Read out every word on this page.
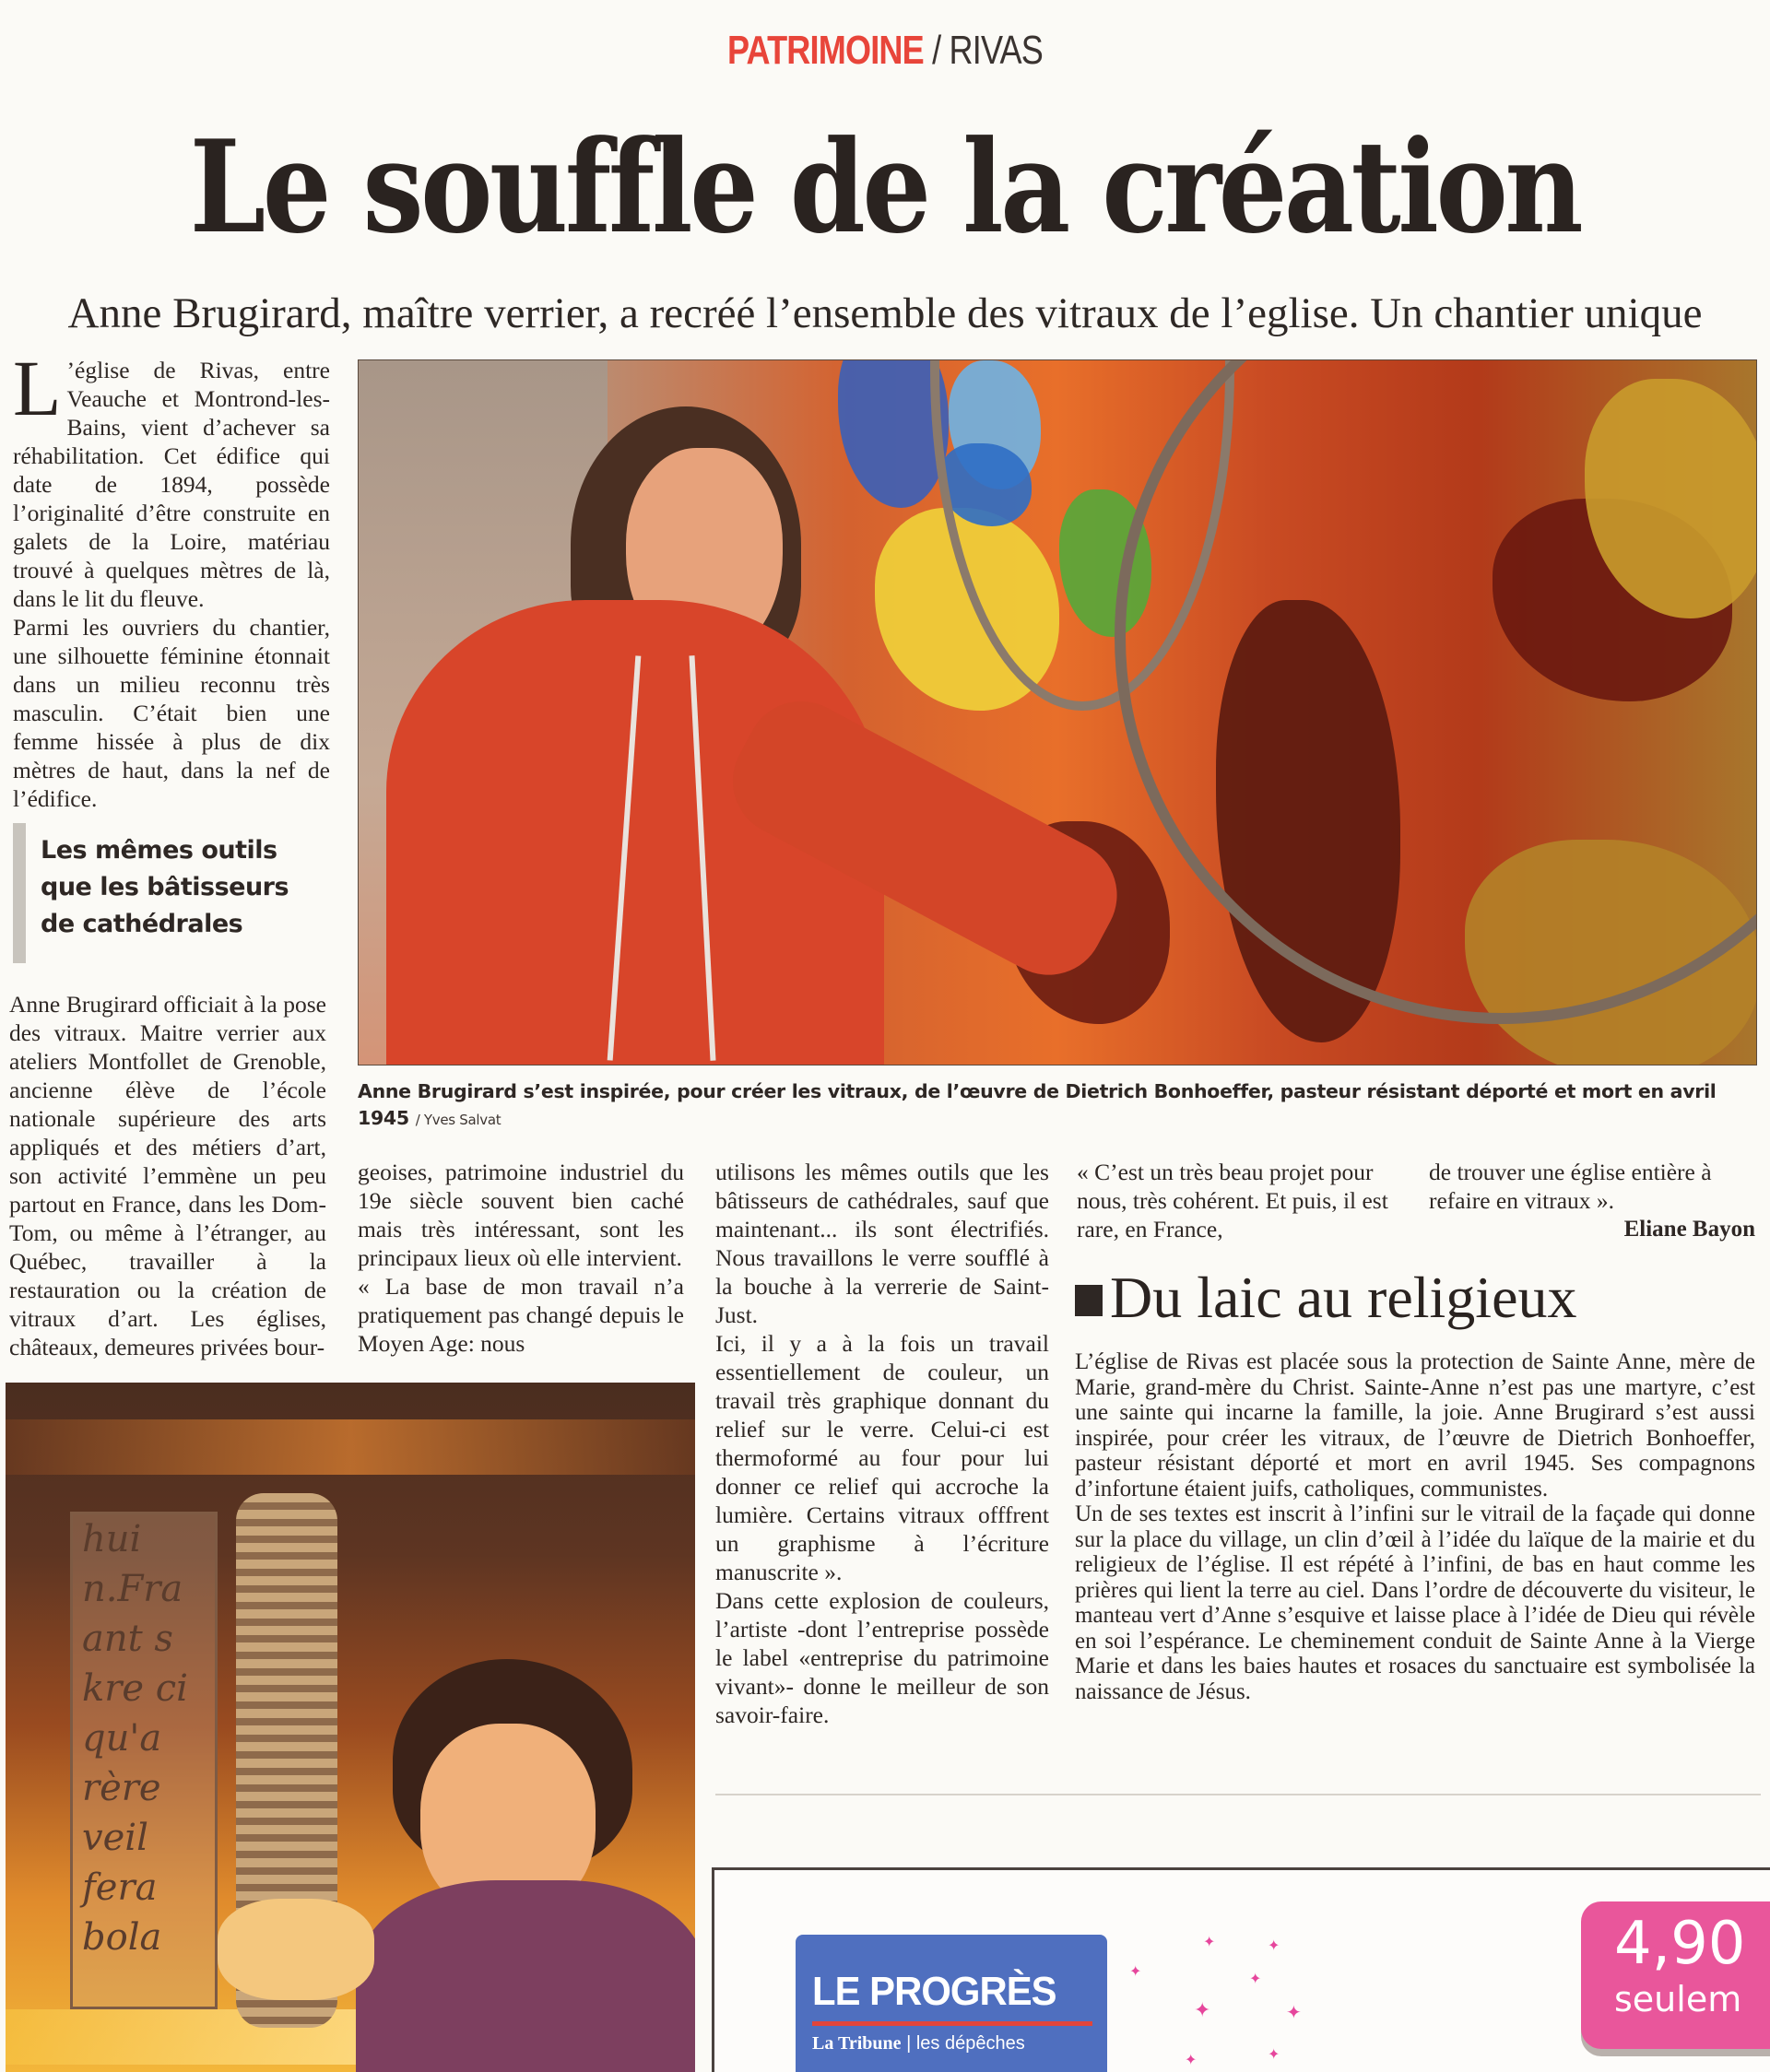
PATRIMOINE / RIVAS
Le souffle de la création
Anne Brugirard, maître verrier, a recréé l’ensemble des vitraux de l’eglise. Un chantier unique

L ’église de Rivas, entre Veauche et Montrond-les-Bains, vient d’achever sa réhabilitation. Cet édifice qui date de 1894, possède l’originalité d’être construite en galets de la Loire, matériau trouvé à quelques mètres de là, dans le lit du fleuve.

Parmi les ouvriers du chantier, une silhouette féminine étonnait dans un milieu reconnu très masculin. C’était bien une femme hissée à plus de dix mètres de haut, dans la nef de l’édifice.

Les mêmes outils
que les bâtisseurs
de cathédrales

Anne Brugirard officiait à la pose des vitraux. Maitre verrier aux ateliers Montfollet de Grenoble, ancienne élève de l’école nationale supérieure des arts appliqués et des métiers d’art, son activité l’emmène un peu partout en France, dans les Dom-Tom, ou même à l’étranger, au Québec, travailler à la restauration ou la création de vitraux d’art. Les églises, châteaux, demeures privées bour-

Anne Brugirard s’est inspirée, pour créer les vitraux, de l’œuvre de Dietrich Bonhoeffer, pasteur résistant déporté et mort en avril 1945 / Yves Salvat

geoises, patrimoine industriel du 19e siècle souvent bien caché mais très intéressant, sont les principaux lieux où elle intervient.

« La base de mon travail n’a pratiquement pas changé depuis le Moyen Age: nous

utilisons les mêmes outils que les bâtisseurs de cathédrales, sauf que maintenant... ils sont électrifiés. Nous travaillons le verre soufflé à la bouche à la verrerie de Saint-Just.

Ici, il y a à la fois un travail essentiellement de couleur, un travail très graphique donnant du relief sur le verre. Celui-ci est thermoformé au four pour lui donner ce relief qui accroche la lumière. Certains vitraux offfrent un graphisme à l’écriture manuscrite ».

Dans cette explosion de couleurs, l’artiste -dont l’entreprise possède le label «entreprise du patrimoine vivant»- donne le meilleur de son savoir-faire.

« C’est un très beau projet pour nous, très cohérent. Et puis, il est rare, en France,

de trouver une église entière à refaire en vitraux ».

Eliane Bayon

Du laic au religieux

L’église de Rivas est placée sous la protection de Sainte Anne, mère de Marie, grand-mère du Christ. Sainte-Anne n’est pas une martyre, c’est une sainte qui incarne la famille, la joie. Anne Brugirard s’est aussi inspirée, pour créer les vitraux, de l’œuvre de Dietrich Bonhoeffer, pasteur résistant déporté et mort en avril 1945. Ses compagnons d’infortune étaient juifs, catholiques, communistes.

Un de ses textes est inscrit à l’infini sur le vitrail de la façade qui donne sur la place du village, un clin d’œil à l’idée du laïque de la mairie et du religieux de l’église. Il est répété à l’infini, de bas en haut comme les prières qui lient la terre au ciel. Dans l’ordre de découverte du visiteur, le manteau vert d’Anne s’esquive et laisse place à l’idée de Dieu qui révèle en soi l’espérance. Le cheminement conduit de Sainte Anne à la Vierge Marie et dans les baies hautes et rosaces du sanctuaire est symbolisée la naissance de Jésus.

hui
n.Fra
ant s
kre ci
qu'a
rère
veil
fera
bola
LE PROGRÈS
La Tribune | les dépêches
✦
✦	✦
✦	✦
✦
✦	✦
4,90
seulem
